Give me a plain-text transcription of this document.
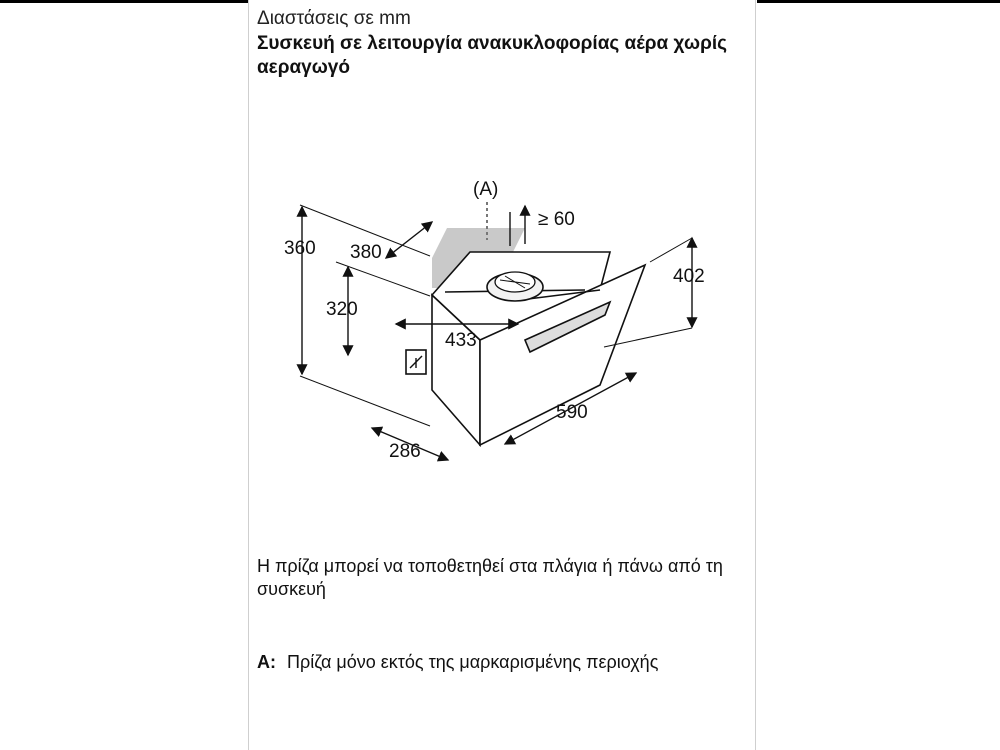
Διαστάσεις σε mm
Συσκευή σε λειτουργία ανακυκλοφορίας αέρα χωρίς αεραγωγό
Η πρίζα μπορεί να τοποθετηθεί στα πλάγια ή πάνω από τη συσκευή
A: Πρίζα μόνο εκτός της μαρκαρισμένης περιοχής
(A)
≥ 60
360 380
320
433
402
590
286
